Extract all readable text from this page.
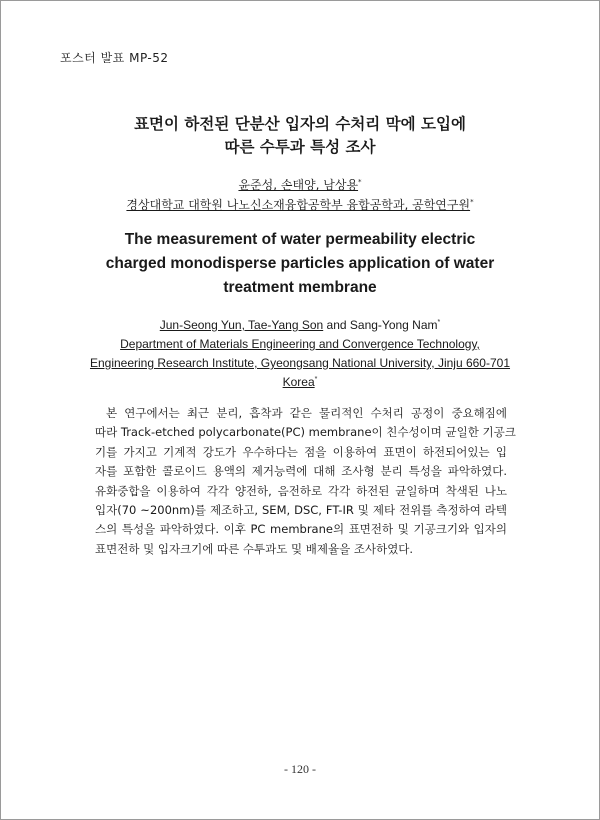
포스터 발표 MP-52
표면이 하전된 단분산 입자의 수처리 막에 도입에
따른 수투과 특성 조사
윤준성, 손태양, 남상용*
경상대학교 대학원 나노신소재융합공학부 융합공학과, 공학연구원*
The measurement of water permeability electric
charged monodisperse particles application of water
treatment membrane
Jun-Seong Yun, Tae-Yang Son and Sang-Yong Nam*
Department of Materials Engineering and Convergence Technology,
Engineering Research Institute, Gyeongsang National University, Jinju 660-701
Korea*
본 연구에서는 최근 분리, 흡착과 같은 물리적인 수처리 공정이 중요해짐에
따라 Track-etched polycarbonate(PC) membrane이 친수성이며 균일한 기공크
기를 가지고 기계적 강도가 우수하다는 점을 이용하여 표면이 하전되어있는 입
자를 포함한 콜로이드 용액의 제거능력에 대해 조사형 분리 특성을 파악하였다.
유화중합을 이용하여 각각 양전하, 음전하로 각각 하전된 균일하며 착색된 나노
입자(70 ~200nm)를 제조하고, SEM, DSC, FT-IR 및 제타 전위를 측정하여 라텍
스의 특성을 파악하였다. 이후 PC membrane의 표면전하 및 기공크기와 입자의
표면전하 및 입자크기에 따른 수투과도 및 배제율을 조사하였다.
- 120 -
